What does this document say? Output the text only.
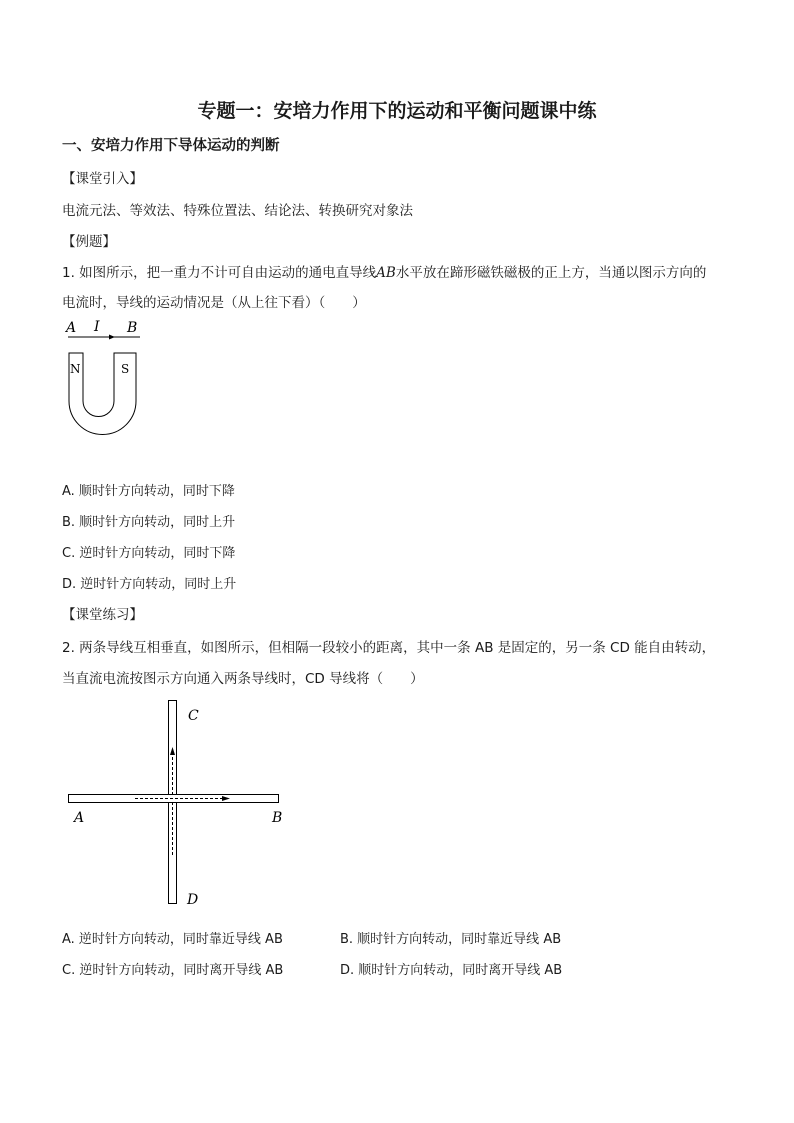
专题一：安培力作用下的运动和平衡问题课中练
一、安培力作用下导体运动的判断
【课堂引入】
电流元法、等效法、特殊位置法、结论法、转换研究对象法
【例题】
1. 如图所示，把一重力不计可自由运动的通电直导线AB水平放在蹄形磁铁磁极的正上方，当通以图示方向的
电流时，导线的运动情况是（从上往下看）（　　）
A I B
N	S
A. 顺时针方向转动，同时下降
B. 顺时针方向转动，同时上升
C. 逆时针方向转动，同时下降
D. 逆时针方向转动，同时上升
【课堂练习】
2. 两条导线互相垂直，如图所示，但相隔一段较小的距离，其中一条 AB 是固定的，另一条 CD 能自由转动，
当直流电流按图示方向通入两条导线时，CD 导线将（　　）
C
A	B
D
A. 逆时针方向转动，同时靠近导线 AB	B. 顺时针方向转动，同时靠近导线 AB
C. 逆时针方向转动，同时离开导线 AB	D. 顺时针方向转动，同时离开导线 AB
